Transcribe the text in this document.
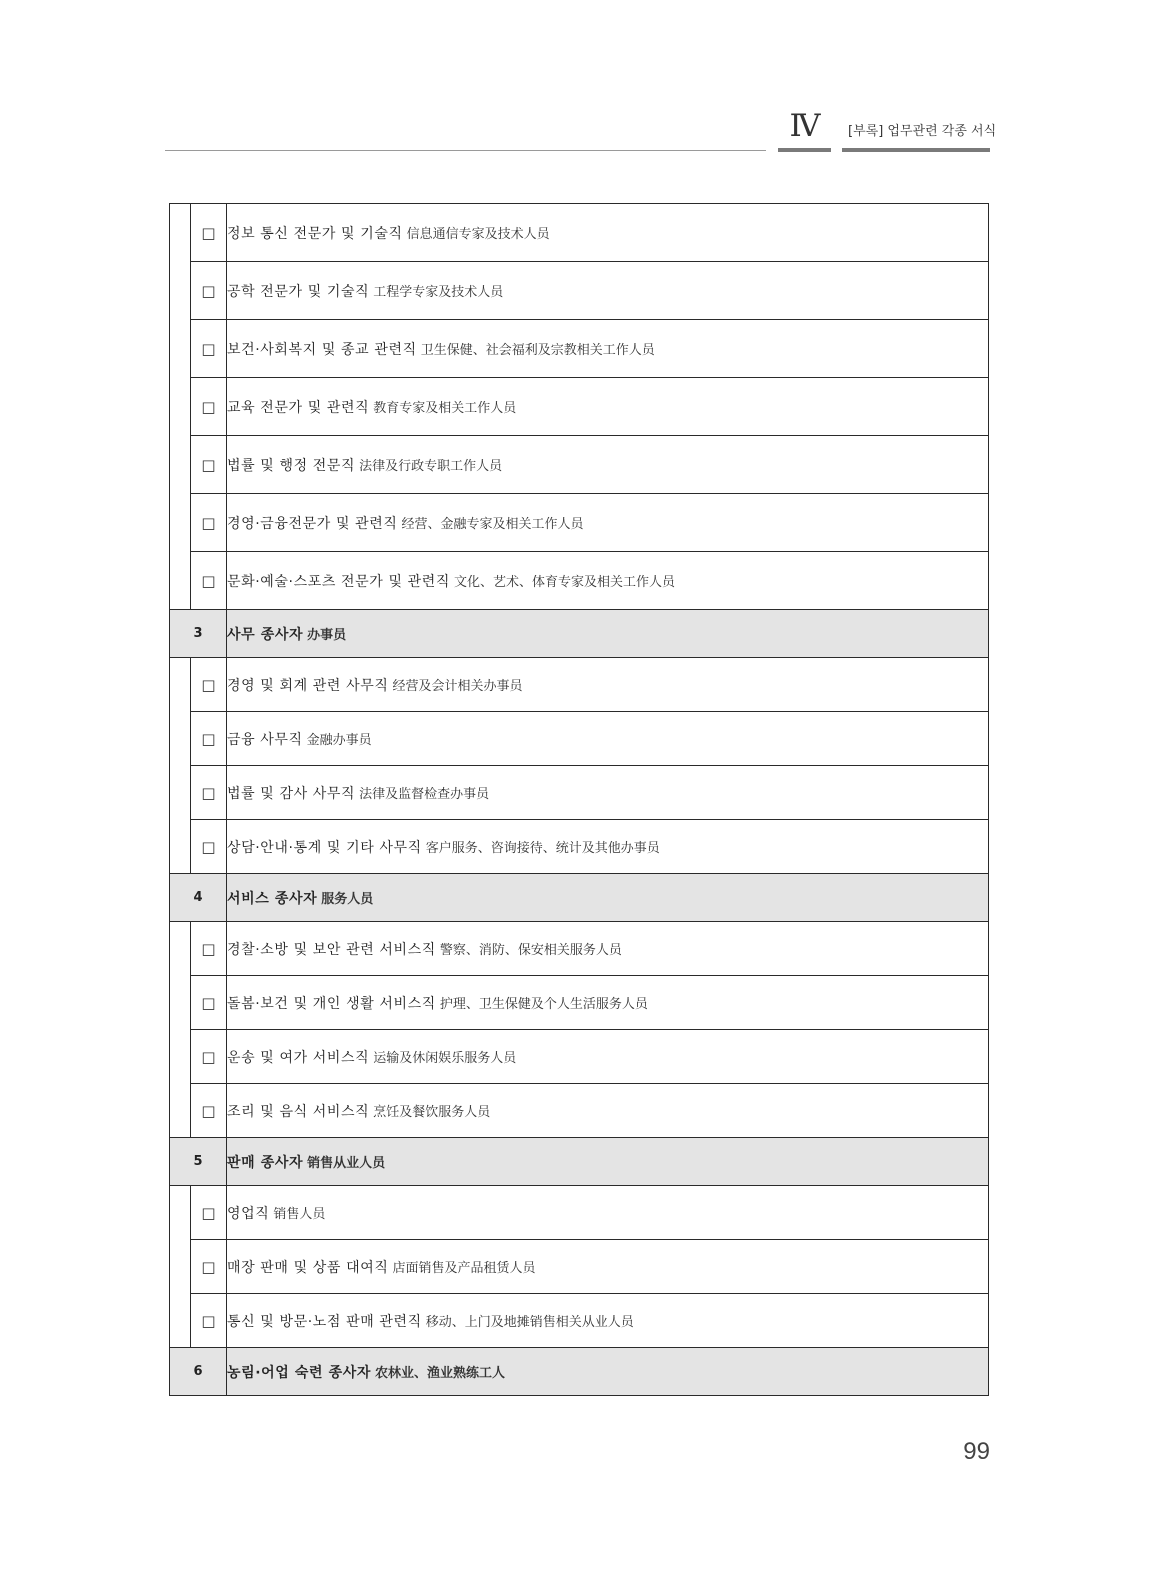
Ⅳ	[부록] 업무관련 각종 서식
	□	정보 통신 전문가 및 기술직 信息通信专家及技术人员
	□	공학 전문가 및 기술직 工程学专家及技术人员
	□	보건·사회복지 및 종교 관련직 卫生保健、社会福利及宗教相关工作人员
	□	교육 전문가 및 관련직 教育专家及相关工作人员
	□	법률 및 행정 전문직 法律及行政专职工作人员
	□	경영·금융전문가 및 관련직 经营、金融专家及相关工作人员
	□	문화·예술·스포츠 전문가 및 관련직 文化、艺术、体育专家及相关工作人员
3		사무 종사자 办事员
	□	경영 및 회계 관련 사무직 经营及会计相关办事员
	□	금융 사무직 金融办事员
	□	법률 및 감사 사무직 法律及监督检查办事员
	□	상담·안내·통계 및 기타 사무직 客户服务、咨询接待、统计及其他办事员
4		서비스 종사자 服务人员
	□	경찰·소방 및 보안 관련 서비스직 警察、消防、保安相关服务人员
	□	돌봄·보건 및 개인 생활 서비스직 护理、卫生保健及个人生活服务人员
	□	운송 및 여가 서비스직 运输及休闲娱乐服务人员
	□	조리 및 음식 서비스직 烹饪及餐饮服务人员
5		판매 종사자 销售从业人员
	□	영업직 销售人员
	□	매장 판매 및 상품 대여직 店面销售及产品租赁人员
	□	통신 및 방문·노점 판매 관련직 移动、上门及地摊销售相关从业人员
6		농림·어업 숙련 종사자 农林业、渔业熟练工人
99
